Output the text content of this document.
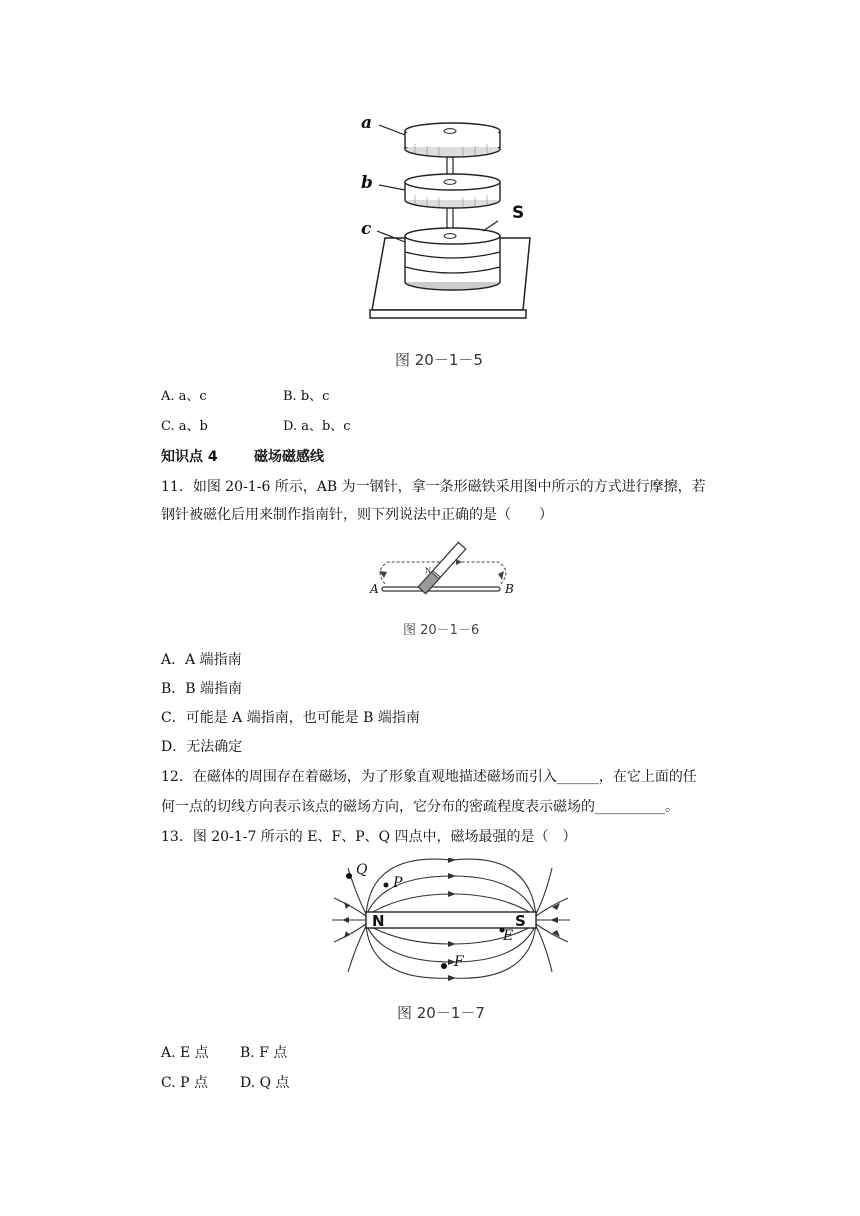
a
b
c
S
图 20－1－5
A. a、c	B. b、c
C. a、b	D. a、b、c
知识点 4	磁场磁感线
11．如图 20-1-6 所示，AB 为一钢针，拿一条形磁铁采用图中所示的方式进行摩擦，若
钢针被磁化后用来制作指南针，则下列说法中正确的是（　　）
A	B
N
图 20－1－6
A．A 端指南
B．B 端指南
C．可能是 A 端指南，也可能是 B 端指南
D．无法确定
12．在磁体的周围存在着磁场，为了形象直观地描述磁场而引入______，在它上面的任
何一点的切线方向表示该点的磁场方向，它分布的密疏程度表示磁场的__________。
13．图 20-1-7 所示的 E、F、P、Q 四点中，磁场最强的是（　）
N	S
Q
P
E
F
图 20－1－7
A. E 点 B. F 点
C. P 点 D. Q 点
